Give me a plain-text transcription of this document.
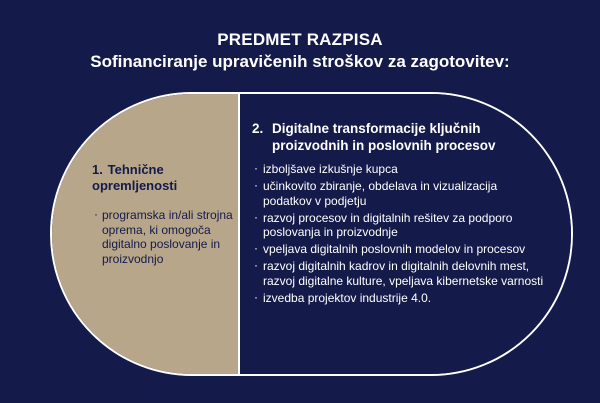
PREDMET RAZPISA
Sofinanciranje upravičenih stroškov za zagotovitev:
1. Tehnične opremljenosti
· programska in/ali strojna oprema, ki omogoča digitalno poslovanje in proizvodnjo
2. Digitalne transformacije ključnih proizvodnih in poslovnih procesov
· izboljšave izkušnje kupca
· učinkovito zbiranje, obdelava in vizualizacija podatkov v podjetju
· razvoj procesov in digitalnih rešitev za podporo poslovanja in proizvodnje
· vpeljava digitalnih poslovnih modelov in procesov
· razvoj digitalnih kadrov in digitalnih delovnih mest, razvoj digitalne kulture, vpeljava kibernetske varnosti
· izvedba projektov industrije 4.0.
